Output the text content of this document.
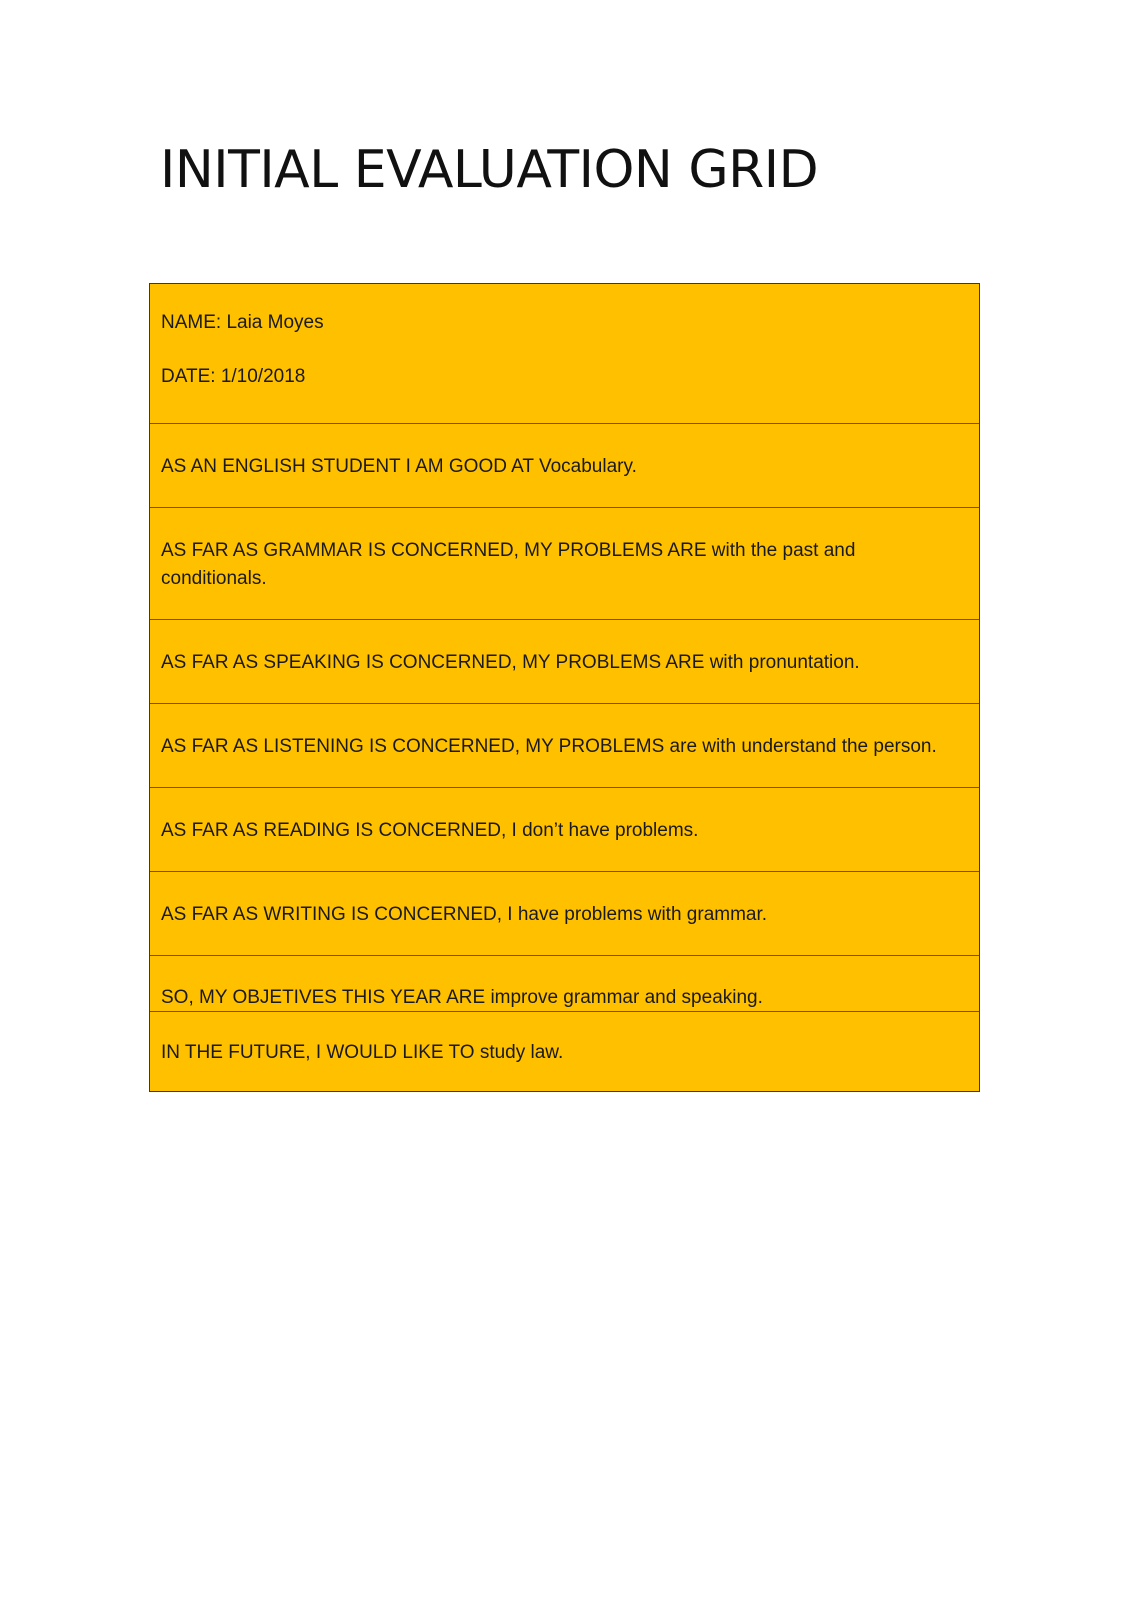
INITIAL EVALUATION GRID
NAME: Laia Moyes
DATE: 1/10/2018
AS AN ENGLISH STUDENT I AM GOOD AT Vocabulary.
AS FAR AS GRAMMAR IS CONCERNED, MY PROBLEMS ARE with the past and conditionals.
AS FAR AS SPEAKING IS CONCERNED, MY PROBLEMS ARE with pronuntation.
AS FAR AS LISTENING IS CONCERNED, MY PROBLEMS are with understand the person.
AS FAR AS READING IS CONCERNED, I don’t have problems.
AS FAR AS WRITING IS CONCERNED, I have problems with grammar.
SO, MY OBJETIVES THIS YEAR ARE improve grammar and speaking.
IN THE FUTURE, I WOULD LIKE TO study law.
